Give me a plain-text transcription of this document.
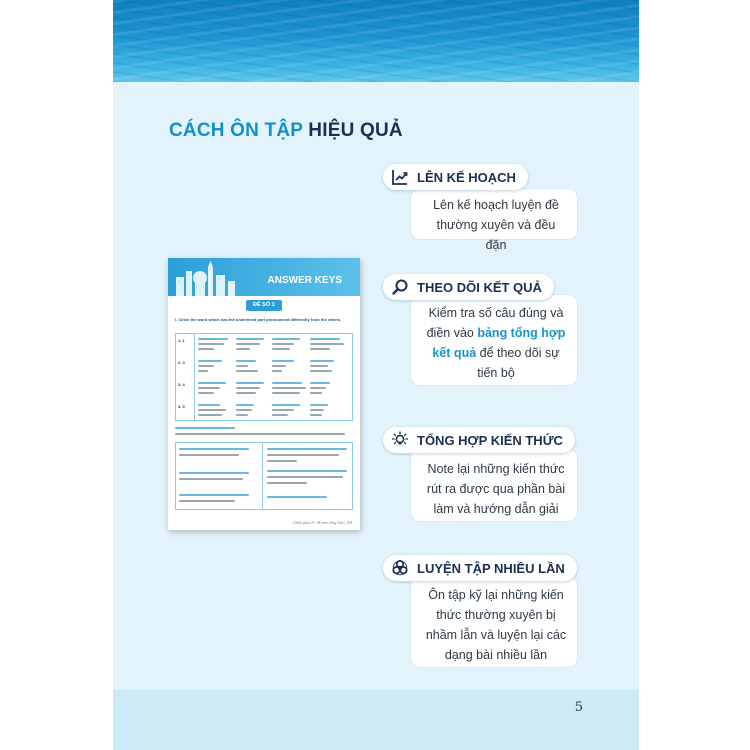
CÁCH ÔN TẬP HIỆU QUẢ
ANSWER KEYS
ĐỀ SỐ 1
I. Circle the word which has the underlined part pronounced differently from the others.
1. 1
2. 0
3. 4
4. 0
Chinh phục 9+ đề môn tiếng Anh | 109
Lên kế hoạch luyện đề thường xuyên và đều đặn
LÊN KẾ HOẠCH
Kiểm tra số câu đúng và điền vào bảng tổng hợp kết quả để theo dõi sự tiến bộ
THEO DÕI KẾT QUẢ
Note lại những kiến thức rút ra được qua phần bài làm và hướng dẫn giải
TỔNG HỢP KIẾN THỨC
Ôn tập kỹ lại những kiến thức thường xuyên bị nhầm lẫn và luyện lại các dạng bài nhiều lần
LUYỆN TẬP NHIỀU LẦN
5
